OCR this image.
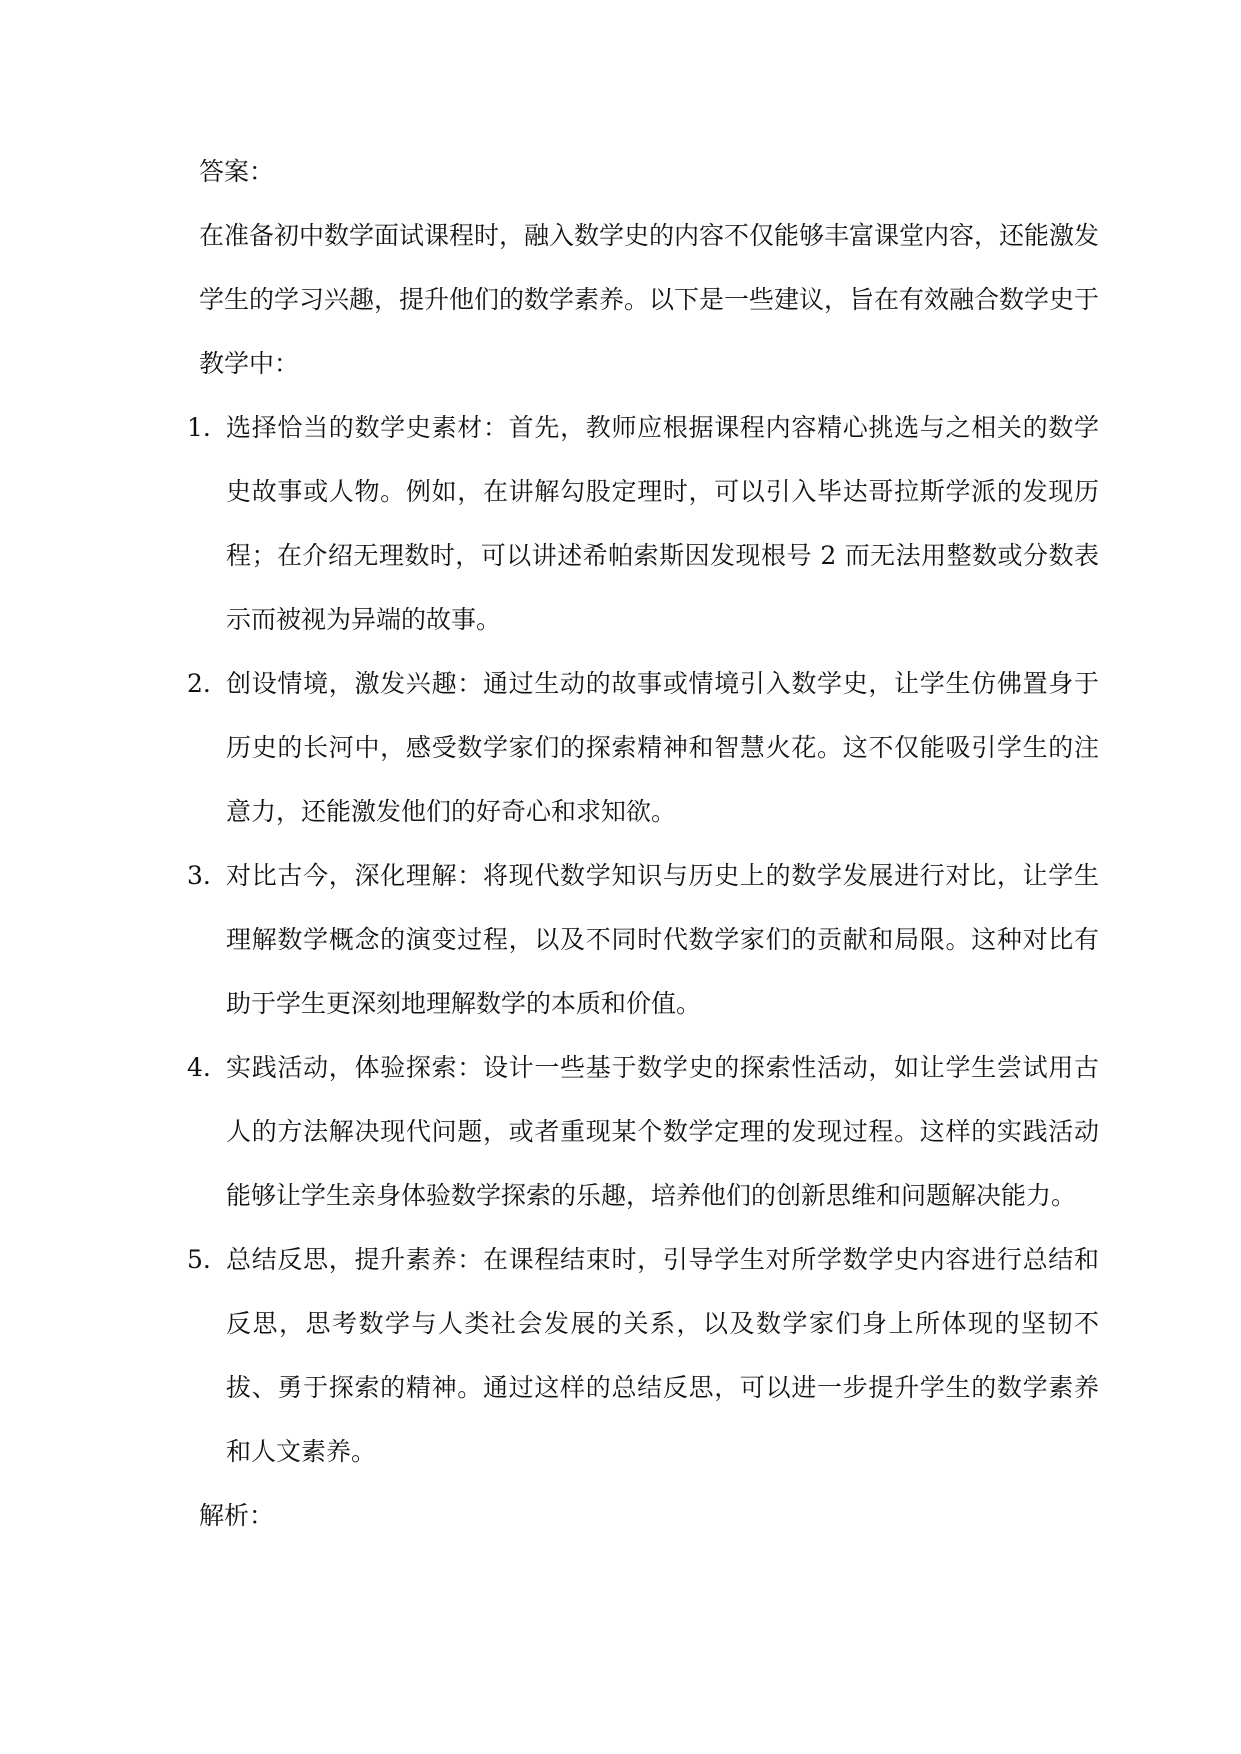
答案：

在准备初中数学面试课程时，融入数学史的内容不仅能够丰富课堂内容，还能激发学生的学习兴趣，提升他们的数学素养。以下是一些建议，旨在有效融合数学史于教学中：

1. 选择恰当的数学史素材：首先，教师应根据课程内容精心挑选与之相关的数学史故事或人物。例如，在讲解勾股定理时，可以引入毕达哥拉斯学派的发现历程；在介绍无理数时，可以讲述希帕索斯因发现根号 2 而无法用整数或分数表示而被视为异端的故事。
2. 创设情境，激发兴趣：通过生动的故事或情境引入数学史，让学生仿佛置身于历史的长河中，感受数学家们的探索精神和智慧火花。这不仅能吸引学生的注意力，还能激发他们的好奇心和求知欲。
3. 对比古今，深化理解：将现代数学知识与历史上的数学发展进行对比，让学生理解数学概念的演变过程，以及不同时代数学家们的贡献和局限。这种对比有助于学生更深刻地理解数学的本质和价值。
4. 实践活动，体验探索：设计一些基于数学史的探索性活动，如让学生尝试用古人的方法解决现代问题，或者重现某个数学定理的发现过程。这样的实践活动能够让学生亲身体验数学探索的乐趣，培养他们的创新思维和问题解决能力。
5. 总结反思，提升素养：在课程结束时，引导学生对所学数学史内容进行总结和反思，思考数学与人类社会发展的关系，以及数学家们身上所体现的坚韧不拔、勇于探索的精神。通过这样的总结反思，可以进一步提升学生的数学素养和人文素养。

解析：
